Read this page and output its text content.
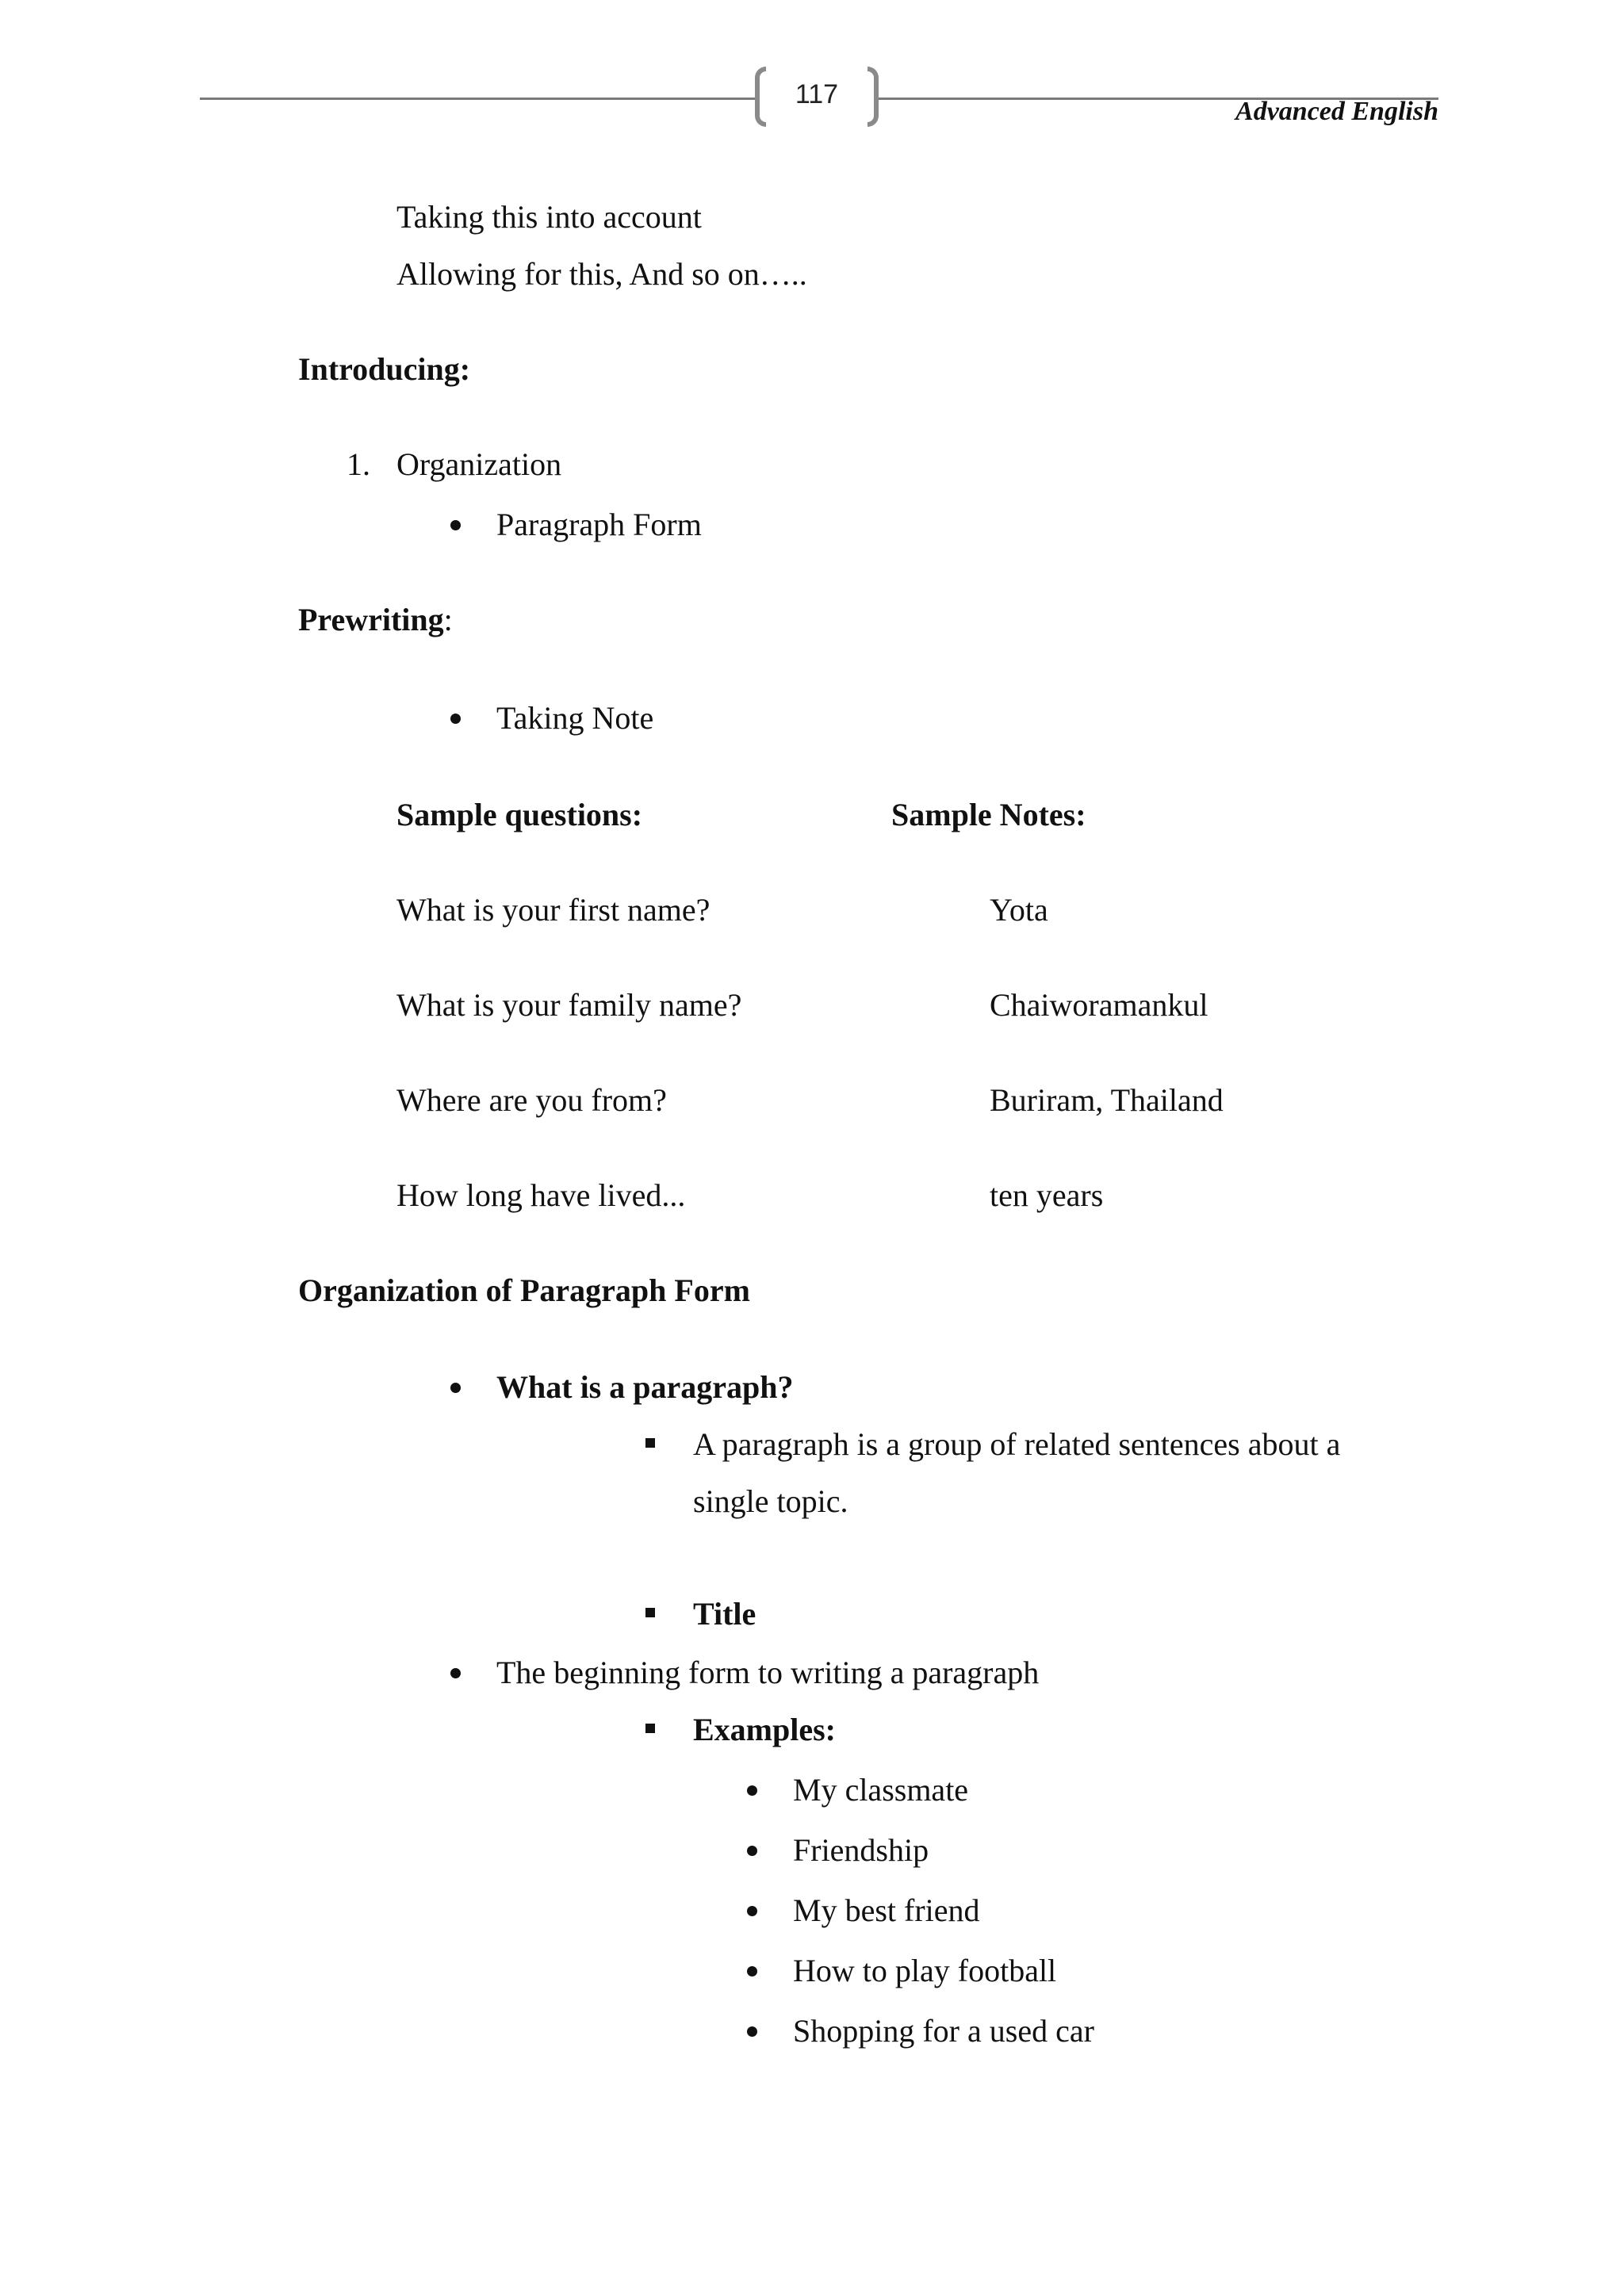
117
Advanced English
Taking this into account
Allowing for this, And so on…..
Introducing:
1. Organization
Paragraph Form
Prewriting:
Taking Note
Sample questions:	Sample Notes:
What is your first name?	Yota
What is your family name?	Chaiworamankul
Where are you from?	Buriram, Thailand
How long have lived...	ten years
Organization of Paragraph Form
What is a paragraph?
A paragraph is a group of related sentences about a
single topic.
Title
The beginning form to writing a paragraph
Examples:
My classmate
Friendship
My best friend
How to play football
Shopping for a used car
